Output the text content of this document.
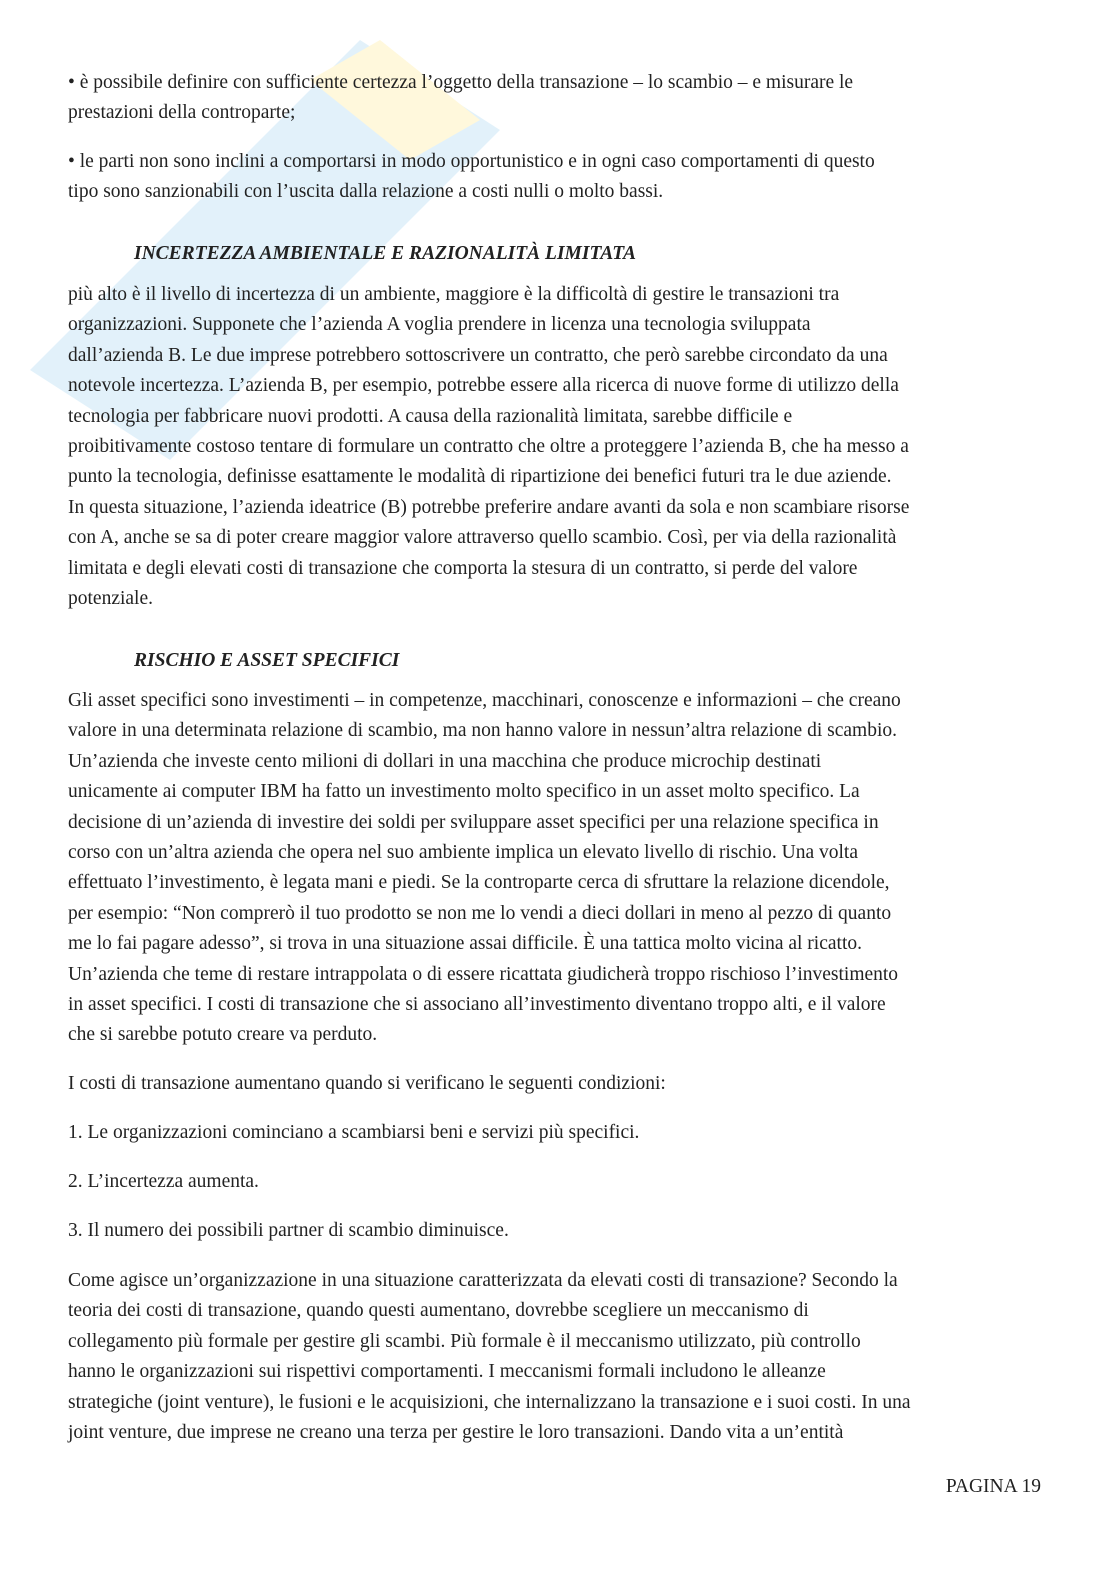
• è possibile definire con sufficiente certezza l’oggetto della transazione – lo scambio – e misurare le
prestazioni della controparte;
• le parti non sono inclini a comportarsi in modo opportunistico e in ogni caso comportamenti di questo
tipo sono sanzionabili con l’uscita dalla relazione a costi nulli o molto bassi.
INCERTEZZA AMBIENTALE E RAZIONALITÀ LIMITATA
più alto è il livello di incertezza di un ambiente, maggiore è la difficoltà di gestire le transazioni tra
organizzazioni. Supponete che l’azienda A voglia prendere in licenza una tecnologia sviluppata
dall’azienda B. Le due imprese potrebbero sottoscrivere un contratto, che però sarebbe circondato da una
notevole incertezza. L’azienda B, per esempio, potrebbe essere alla ricerca di nuove forme di utilizzo della
tecnologia per fabbricare nuovi prodotti. A causa della razionalità limitata, sarebbe difficile e
proibitivamente costoso tentare di formulare un contratto che oltre a proteggere l’azienda B, che ha messo a
punto la tecnologia, definisse esattamente le modalità di ripartizione dei benefici futuri tra le due aziende.
In questa situazione, l’azienda ideatrice (B) potrebbe preferire andare avanti da sola e non scambiare risorse
con A, anche se sa di poter creare maggior valore attraverso quello scambio. Così, per via della razionalità
limitata e degli elevati costi di transazione che comporta la stesura di un contratto, si perde del valore
potenziale.
RISCHIO E ASSET SPECIFICI
Gli asset specifici sono investimenti – in competenze, macchinari, conoscenze e informazioni – che creano
valore in una determinata relazione di scambio, ma non hanno valore in nessun’altra relazione di scambio.
Un’azienda che investe cento milioni di dollari in una macchina che produce microchip destinati
unicamente ai computer IBM ha fatto un investimento molto specifico in un asset molto specifico. La
decisione di un’azienda di investire dei soldi per sviluppare asset specifici per una relazione specifica in
corso con un’altra azienda che opera nel suo ambiente implica un elevato livello di rischio. Una volta
effettuato l’investimento, è legata mani e piedi. Se la controparte cerca di sfruttare la relazione dicendole,
per esempio: “Non comprerò il tuo prodotto se non me lo vendi a dieci dollari in meno al pezzo di quanto
me lo fai pagare adesso”, si trova in una situazione assai difficile. È una tattica molto vicina al ricatto.
Un’azienda che teme di restare intrappolata o di essere ricattata giudicherà troppo rischioso l’investimento
in asset specifici. I costi di transazione che si associano all’investimento diventano troppo alti, e il valore
che si sarebbe potuto creare va perduto.
I costi di transazione aumentano quando si verificano le seguenti condizioni:
1. Le organizzazioni cominciano a scambiarsi beni e servizi più specifici.
2. L’incertezza aumenta.
3. Il numero dei possibili partner di scambio diminuisce.
Come agisce un’organizzazione in una situazione caratterizzata da elevati costi di transazione? Secondo la
teoria dei costi di transazione, quando questi aumentano, dovrebbe scegliere un meccanismo di
collegamento più formale per gestire gli scambi. Più formale è il meccanismo utilizzato, più controllo
hanno le organizzazioni sui rispettivi comportamenti. I meccanismi formali includono le alleanze
strategiche (joint venture), le fusioni e le acquisizioni, che internalizzano la transazione e i suoi costi. In una
joint venture, due imprese ne creano una terza per gestire le loro transazioni. Dando vita a un’entità
PAGINA 19
